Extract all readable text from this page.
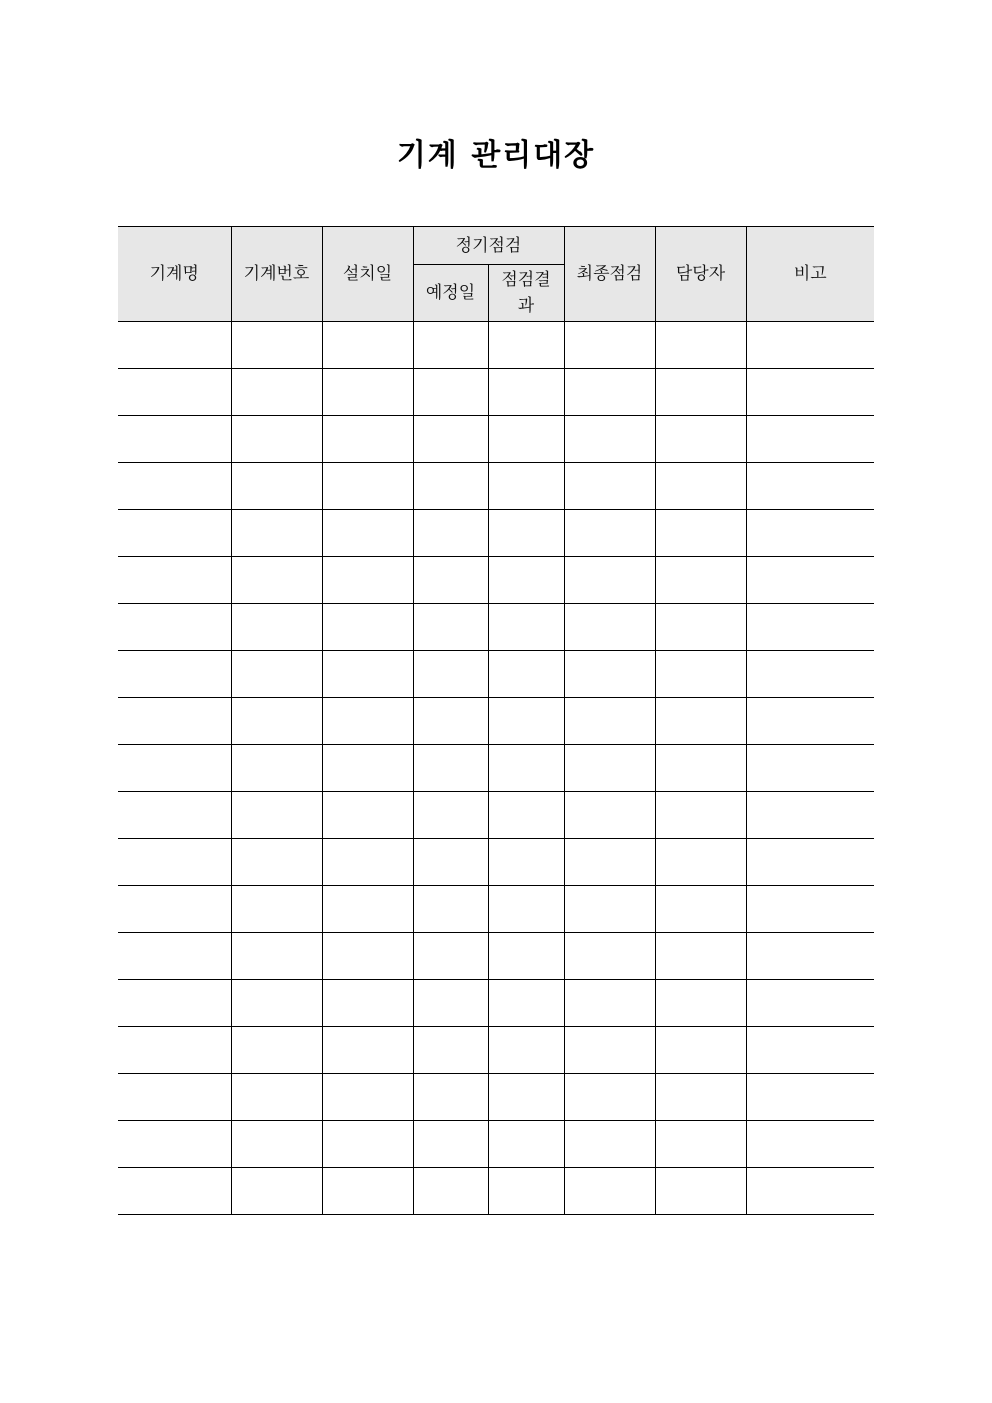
기계 관리대장
기계명	기계번호	설치일	정기점검		최종점검	담당자	비고
			예정일	점검결과			
